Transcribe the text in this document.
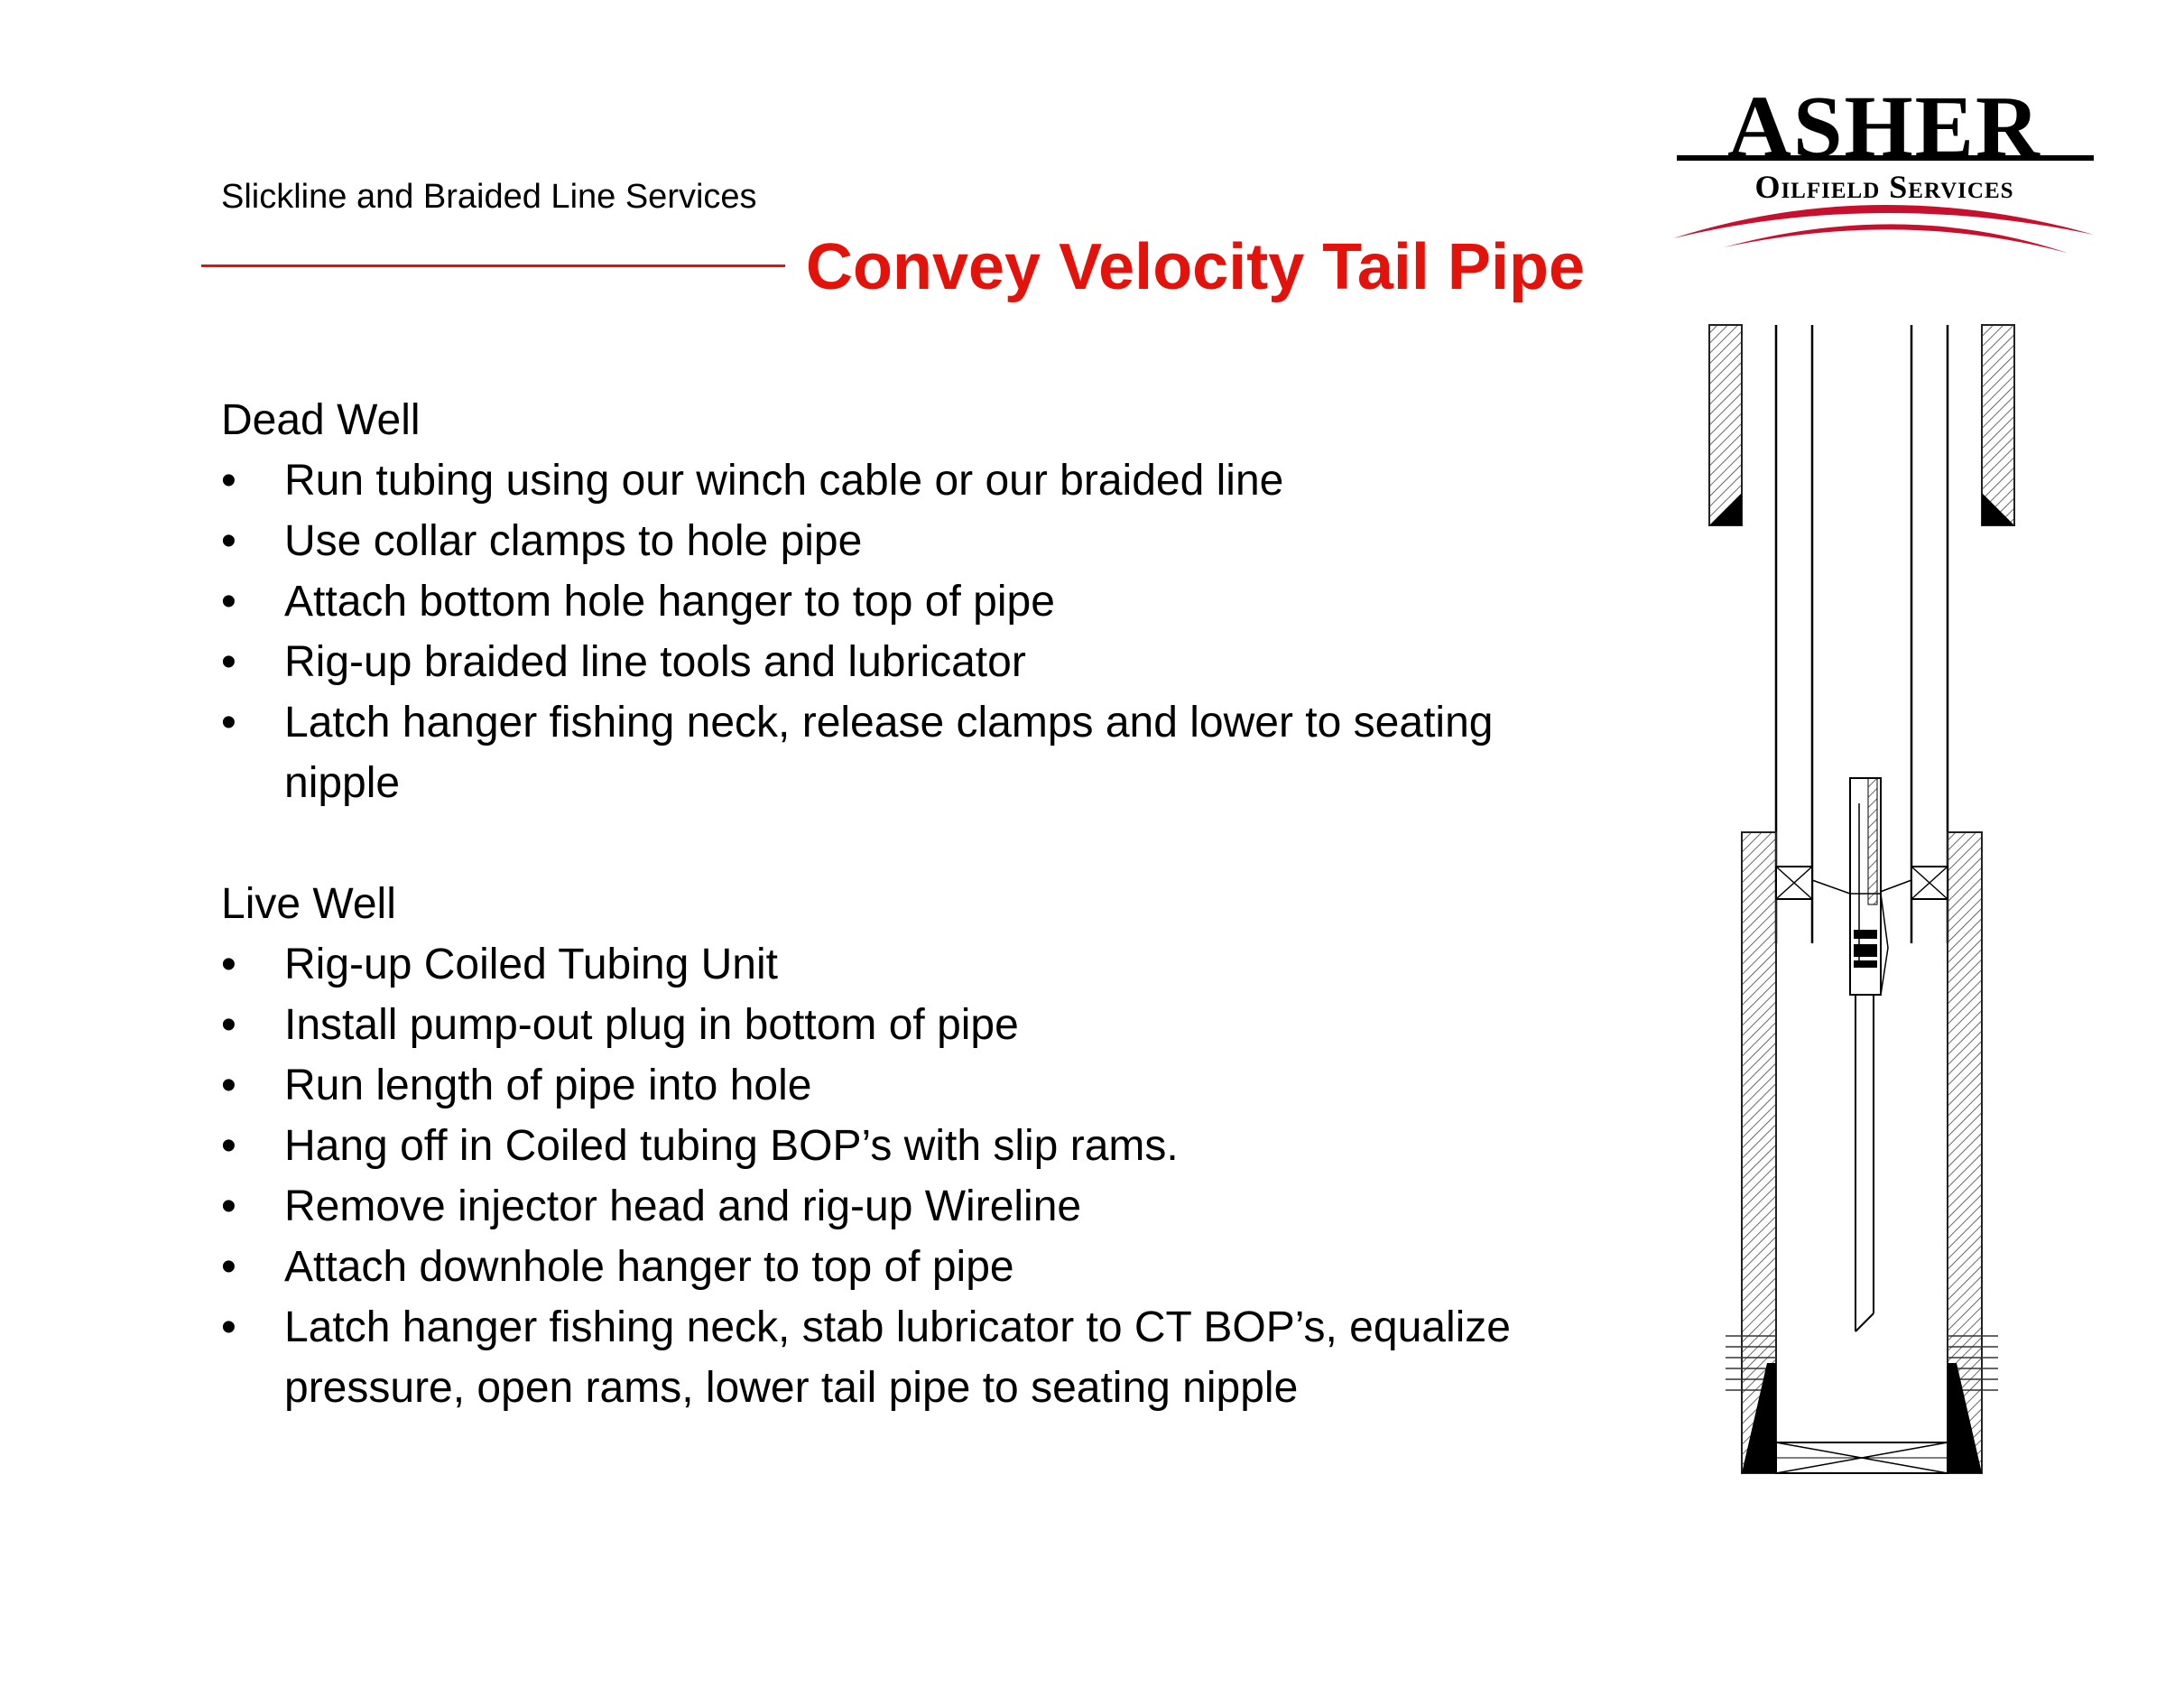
Slickline and Braided Line Services
Convey Velocity Tail Pipe
ASHER
Oilfield Services
Dead Well
• Run tubing using our winch cable or our braided line
• Use collar clamps to hole pipe
• Attach bottom hole hanger to top of pipe
• Rig-up braided line tools and lubricator
• Latch hanger fishing neck, release clamps and lower to seating nipple
Live Well
• Rig-up Coiled Tubing Unit
• Install pump-out plug in bottom of pipe
• Run length of pipe into hole
• Hang off in Coiled tubing BOP’s with slip rams.
• Remove injector head and rig-up Wireline
• Attach downhole hanger to top of pipe
• Latch hanger fishing neck, stab lubricator to CT BOP’s, equalize pressure, open rams, lower tail pipe to seating nipple
